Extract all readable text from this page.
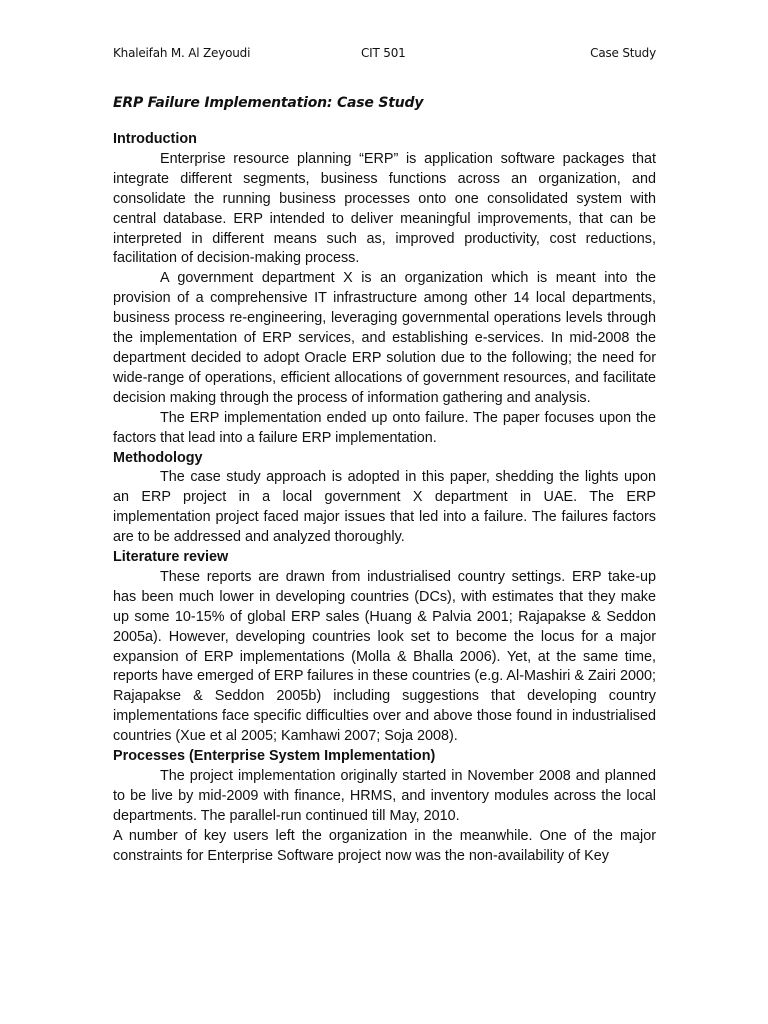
Khaleifah M. Al Zeyoudi	CIT 501	Case Study
ERP Failure Implementation: Case Study
Introduction

Enterprise resource planning “ERP” is application software packages that integrate different segments, business functions across an organization, and consolidate the running business processes onto one consolidated system with central database. ERP intended to deliver meaningful improvements, that can be interpreted in different means such as, improved productivity, cost reductions, facilitation of decision-making process.

A government department X is an organization which is meant into the provision of a comprehensive IT infrastructure among other 14 local departments, business process re-engineering, leveraging governmental operations levels through the implementation of ERP services, and establishing e-services. In mid-2008 the department decided to adopt Oracle ERP solution due to the following; the need for wide-range of operations, efficient allocations of government resources, and facilitate decision making through the process of information gathering and analysis.

The ERP implementation ended up onto failure. The paper focuses upon the factors that lead into a failure ERP implementation.

Methodology

The case study approach is adopted in this paper, shedding the lights upon an ERP project in a local government X department in UAE. The ERP implementation project faced major issues that led into a failure. The failures factors are to be addressed and analyzed thoroughly.

Literature review

These reports are drawn from industrialised country settings. ERP take-up has been much lower in developing countries (DCs), with estimates that they make up some 10-15% of global ERP sales (Huang & Palvia 2001; Rajapakse & Seddon 2005a). However, developing countries look set to become the locus for a major expansion of ERP implementations (Molla & Bhalla 2006). Yet, at the same time, reports have emerged of ERP failures in these countries (e.g. Al-Mashiri & Zairi 2000; Rajapakse & Seddon 2005b) including suggestions that developing country implementations face specific difficulties over and above those found in industrialised countries (Xue et al 2005; Kamhawi 2007; Soja 2008).

Processes (Enterprise System Implementation)

The project implementation originally started in November 2008 and planned to be live by mid-2009 with finance, HRMS, and inventory modules across the local departments. The parallel-run continued till May, 2010.

A number of key users left the organization in the meanwhile. One of the major constraints for Enterprise Software project now was the non-availability of Key
